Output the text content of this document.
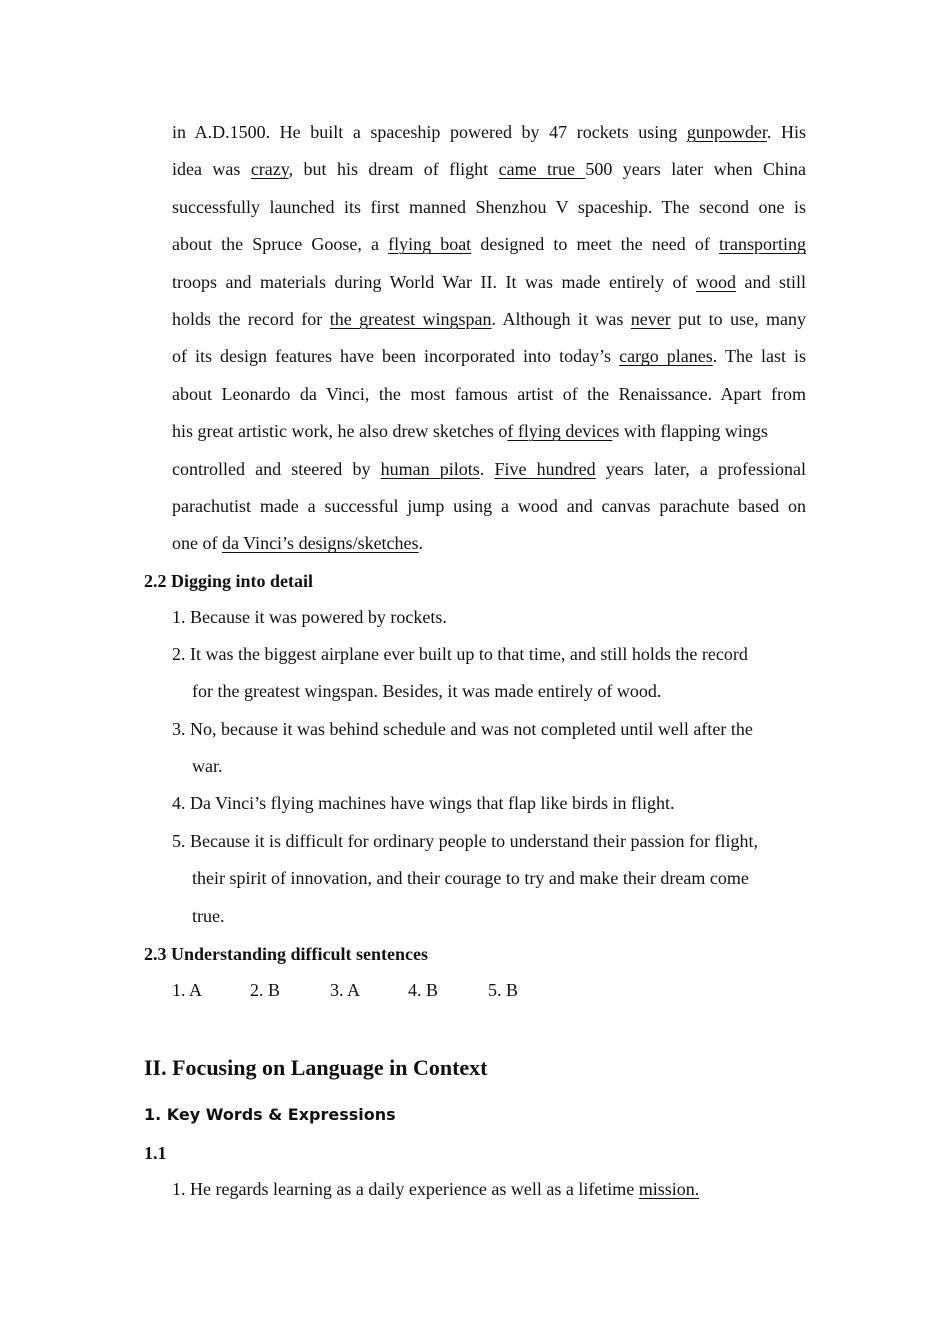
in A.D.1500. He built a spaceship powered by 47 rockets using gunpowder. His
idea was crazy, but his dream of flight came true 500 years later when China
successfully launched its first manned Shenzhou V spaceship. The second one is
about the Spruce Goose, a flying boat designed to meet the need of transporting
troops and materials during World War II. It was made entirely of wood and still
holds the record for the greatest wingspan. Although it was never put to use, many
of its design features have been incorporated into today’s cargo planes. The last is
about Leonardo da Vinci, the most famous artist of the Renaissance. Apart from
his great artistic work, he also drew sketches of flying devices with flapping wings
controlled and steered by human pilots. Five hundred years later, a professional
parachutist made a successful jump using a wood and canvas parachute based on
one of da Vinci’s designs/sketches.
2.2 Digging into detail
1. Because it was powered by rockets.
2. It was the biggest airplane ever built up to that time, and still holds the record
for the greatest wingspan. Besides, it was made entirely of wood.
3. No, because it was behind schedule and was not completed until well after the
war.
4. Da Vinci’s flying machines have wings that flap like birds in flight.
5. Because it is difficult for ordinary people to understand their passion for flight,
their spirit of innovation, and their courage to try and make their dream come
true.
2.3 Understanding difficult sentences
1. A	2. B	3. A	4. B	5. B
II. Focusing on Language in Context
1. Key Words & Expressions
1.1
1. He regards learning as a daily experience as well as a lifetime mission.
